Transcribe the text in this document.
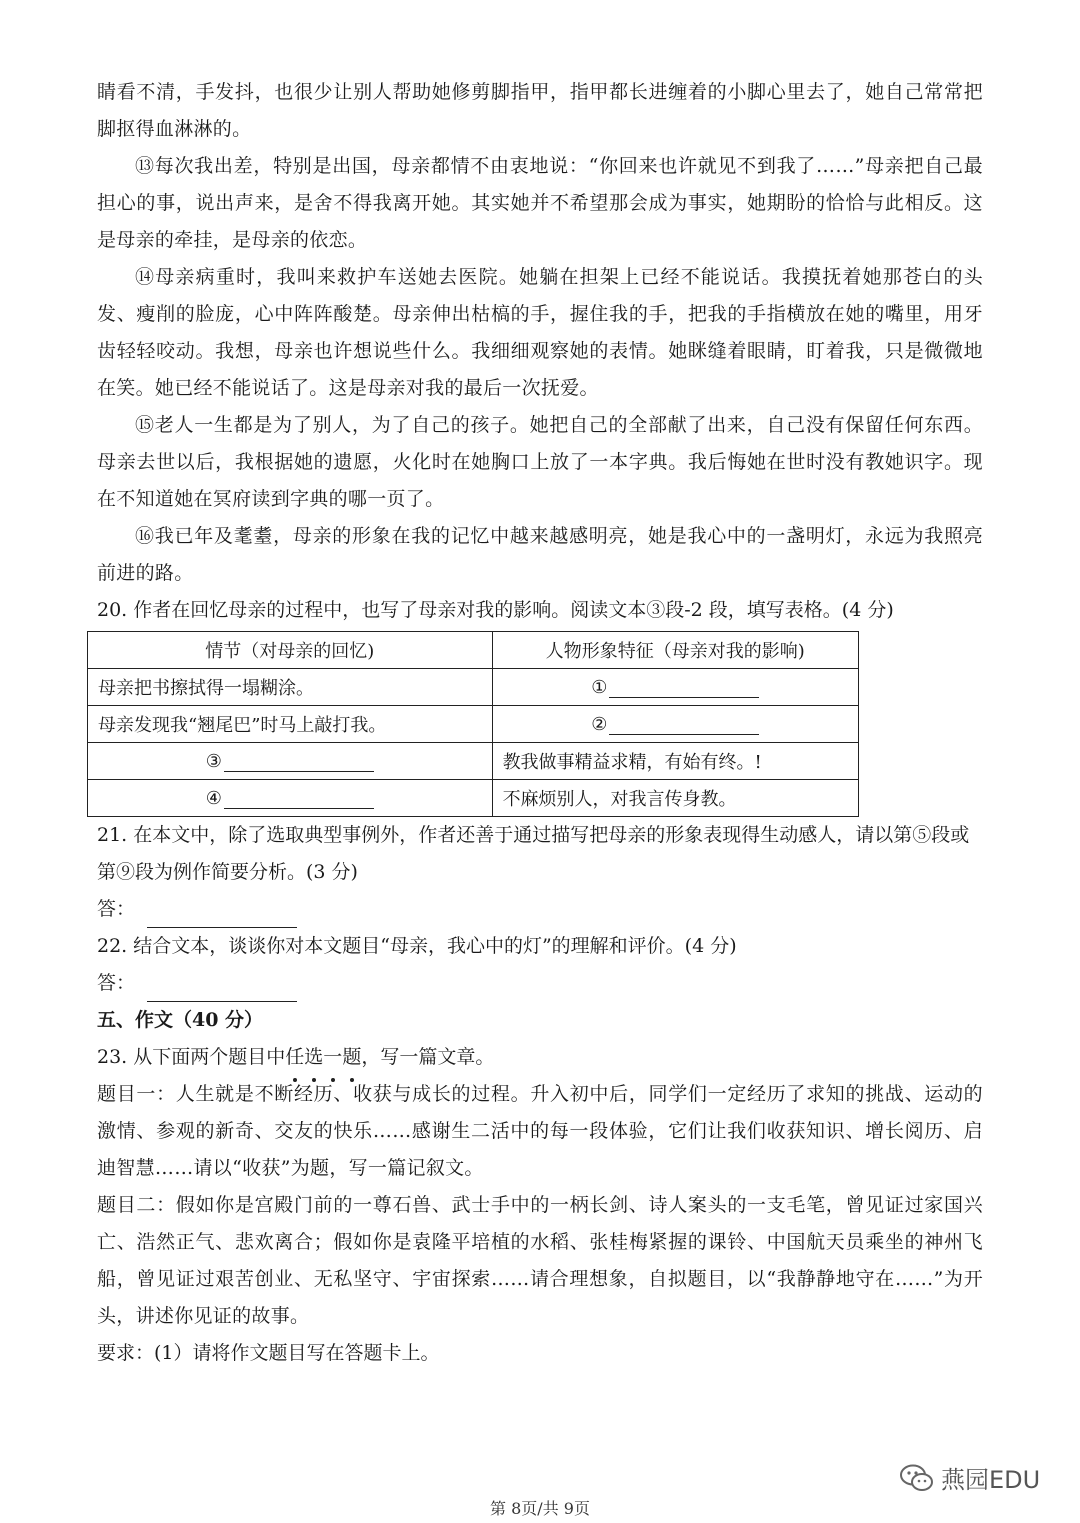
睛看不清，手发抖，也很少让别人帮助她修剪脚指甲，指甲都长进缠着的小脚心里去了，她自己常常把脚抠得血淋淋的。

⑬每次我出差，特别是出国，母亲都情不由衷地说：“你回来也许就见不到我了……”母亲把自己最担心的事，说出声来，是舍不得我离开她。其实她并不希望那会成为事实，她期盼的恰恰与此相反。这是母亲的牵挂，是母亲的依恋。

⑭母亲病重时，我叫来救护车送她去医院。她躺在担架上已经不能说话。我摸抚着她那苍白的头发、瘦削的脸庞，心中阵阵酸楚。母亲伸出枯槁的手，握住我的手，把我的手指横放在她的嘴里，用牙齿轻轻咬动。我想，母亲也许想说些什么。我细细观察她的表情。她眯缝着眼睛，盯着我，只是微微地在笑。她已经不能说话了。这是母亲对我的最后一次抚爱。

⑮老人一生都是为了别人，为了自己的孩子。她把自己的全部献了出来，自己没有保留任何东西。母亲去世以后，我根据她的遗愿，火化时在她胸口上放了一本字典。我后悔她在世时没有教她识字。现在不知道她在冥府读到字典的哪一页了。

⑯我已年及耄耋，母亲的形象在我的记忆中越来越感明亮，她是我心中的一盏明灯，永远为我照亮前进的路。

20. 作者在回忆母亲的过程中，也写了母亲对我的影响。阅读文本③段-2 段，填写表格。(4 分)

情节（对母亲的回忆)	人物形象特征（母亲对我的影响)
母亲把书擦拭得一塌糊涂。	①
母亲发现我“翘尾巴”时马上敲打我。	②
③	教我做事精益求精，有始有终。!
④	不麻烦别人，对我言传身教。

21. 在本文中，除了选取典型事例外，作者还善于通过描写把母亲的形象表现得生动感人，请以第⑤段或第⑨段为例作简要分析。(3 分)

答：

22. 结合文本，谈谈你对本文题目“母亲，我心中的灯”的理解和评价。(4 分)

答：

五、作文（40 分）

23. 从下面两个题目中任选一题，写一篇文章。

题目一：人生就是不断经历、收获与成长的过程。升入初中后，同学们一定经历了求知的挑战、运动的激情、参观的新奇、交友的快乐……感谢生二活中的每一段体验，它们让我们收获知识、增长阅历、启迪智慧……请以“收获”为题，写一篇记叙文。

题目二：假如你是宫殿门前的一尊石兽、武士手中的一柄长剑、诗人案头的一支毛笔，曾见证过家国兴亡、浩然正气、悲欢离合；假如你是袁隆平培植的水稻、张桂梅紧握的课铃、中国航天员乘坐的神州飞船，曾见证过艰苦创业、无私坚守、宇宙探索……请合理想象，自拟题目，以“我静静地守在……”为开头，讲述你见证的故事。

要求：(1）请将作文题目写在答题卡上。

燕园EDU
第 8页/共 9页
